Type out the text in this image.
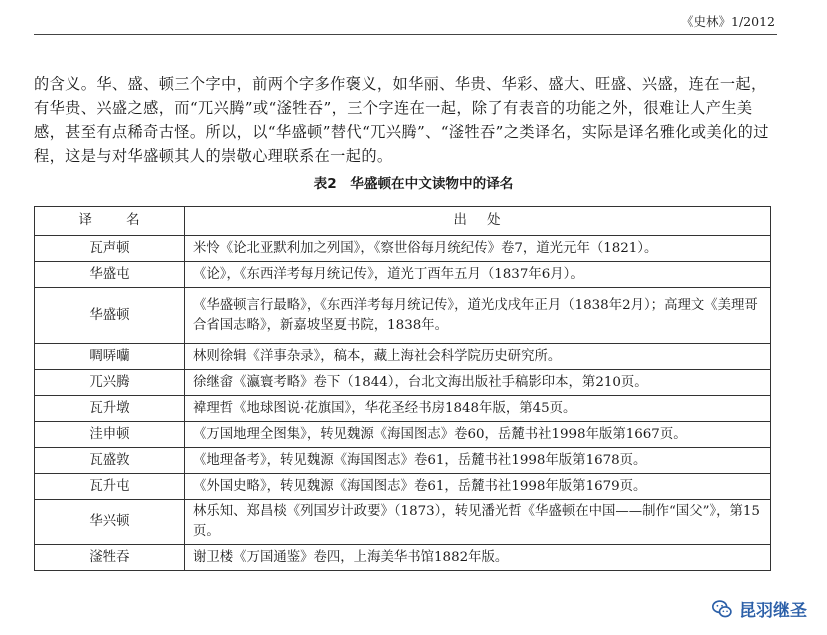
《史林》1/2012

的含义。华、盛、顿三个字中，前两个字多作褒义，如华丽、华贵、华彩、盛大、旺盛、兴盛，连在一起，有华贵、兴盛之感，而“兀兴腾”或“滏牲吞”，三个字连在一起，除了有表音的功能之外，很难让人产生美感，甚至有点稀奇古怪。所以，以“华盛顿”替代“兀兴腾”、“滏牲吞”之类译名，实际是译名雅化或美化的过程，这是与对华盛顿其人的崇敬心理联系在一起的。

表2　华盛顿在中文读物中的译名
译 名	出 处
瓦声顿	米怜《论北亚默利加之列国》，《察世俗每月统纪传》卷7，道光元年（1821）。
华盛屯	《论》，《东西洋考每月统记传》，道光丁酉年五月（1837年6月）。
华盛顿	《华盛顿言行最略》，《东西洋考每月统记传》，道光戊戌年正月（1838年2月）；高理文《美理哥合省国志略》，新嘉坡坚夏书院，1838年。
啁哢囒	林则徐辑《洋事杂录》，稿本，藏上海社会科学院历史研究所。
兀兴腾	徐继畲《瀛寰考略》卷下（1844），台北文海出版社手稿影印本，第210页。
瓦升墩	褘理哲《地球图说·花旗国》，华花圣经书房1848年版，第45页。
洼申顿	《万国地理全图集》，转见魏源《海国图志》卷60，岳麓书社1998年版第1667页。
瓦盛敦	《地理备考》，转见魏源《海国图志》卷61，岳麓书社1998年版第1678页。
瓦升屯	《外国史略》，转见魏源《海国图志》卷61，岳麓书社1998年版第1679页。
华兴顿	林乐知、郑昌棪《列国岁计政要》（1873），转见潘光哲《华盛顿在中国——制作“国父”》，第15页。
滏牲吞	谢卫楼《万国通鉴》卷四，上海美华书馆1882年版。
昆羽继圣
